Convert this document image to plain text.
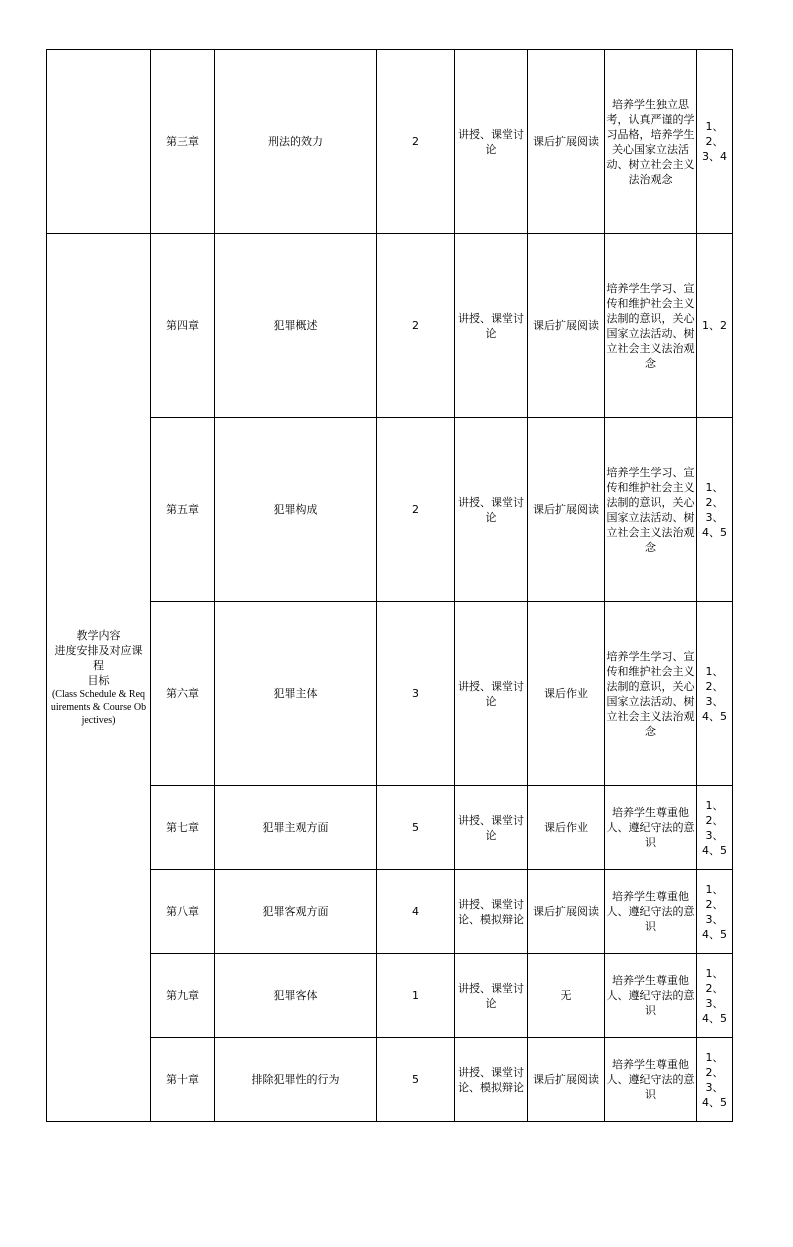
	第三章	刑法的效力	2	讲授、课堂讨论	课后扩展阅读	培养学生独立思考，认真严谨的学习品格，培养学生关心国家立法活动、树立社会主义法治观念	1、2、3、4

教学内容
进度安排及对应课程
目标
(Class Schedule & Requirements & Course Objectives)	第四章	犯罪概述	2	讲授、课堂讨论	课后扩展阅读	培养学生学习、宣传和维护社会主义法制的意识，关心国家立法活动、树立社会主义法治观念	1、2
	第五章	犯罪构成	2	讲授、课堂讨论	课后扩展阅读	培养学生学习、宣传和维护社会主义法制的意识，关心国家立法活动、树立社会主义法治观念	1、2、3、4、5
	第六章	犯罪主体	3	讲授、课堂讨论	课后作业	培养学生学习、宣传和维护社会主义法制的意识，关心国家立法活动、树立社会主义法治观念	1、2、3、4、5
	第七章	犯罪主观方面	5	讲授、课堂讨论	课后作业	培养学生尊重他人、遵纪守法的意识	1、2、3、4、5
	第八章	犯罪客观方面	4	讲授、课堂讨论、模拟辩论	课后扩展阅读	培养学生尊重他人、遵纪守法的意识	1、2、3、4、5
	第九章	犯罪客体	1	讲授、课堂讨论	无	培养学生尊重他人、遵纪守法的意识	1、2、3、4、5
	第十章	排除犯罪性的行为	5	讲授、课堂讨论、模拟辩论	课后扩展阅读	培养学生尊重他人、遵纪守法的意识	1、2、3、4、5
